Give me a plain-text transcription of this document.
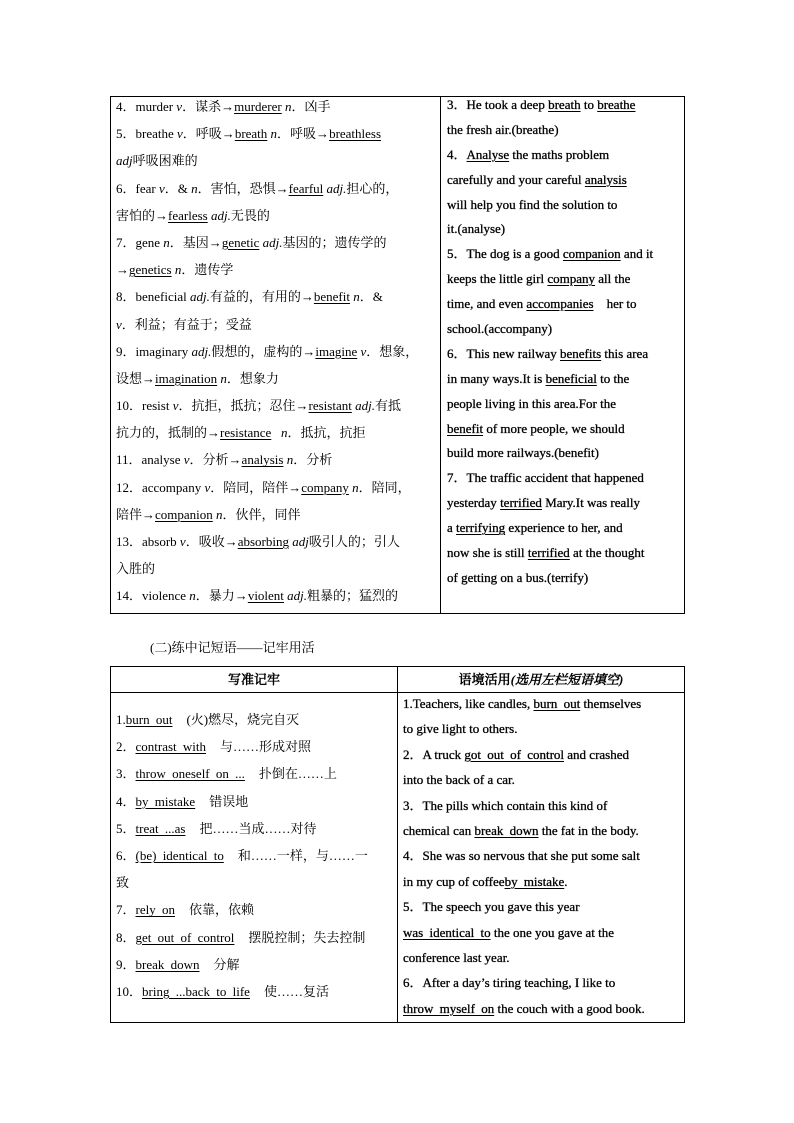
4．murder v．谋杀→murderer n．凶手
5．breathe v．呼吸→breath n．呼吸→breathless
adj呼吸困难的
6．fear v．& n．害怕，恐惧→fearful adj.担心的，
害怕的→fearless adj.无畏的
7．gene n．基因→genetic adj.基因的；遗传学的
→genetics n．遗传学
8．beneficial adj.有益的，有用的→benefit n．&
v．利益；有益于；受益
9．imaginary adj.假想的，虚构的→imagine v．想象，
设想→imagination n．想象力
10．resist v．抗拒，抵抗；忍住→resistant adj.有抵
抗力的，抵制的→resistance n．抵抗，抗拒
11．analyse v．分析→analysis n．分析
12．accompany v．陪同，陪伴→company n．陪同，
陪伴→companion n．伙伴，同伴
13．absorb v．吸收→absorbing adj吸引人的；引人
入胜的
14．violence n．暴力→violent adj.粗暴的；猛烈的
3．He took a deep breath to breathe
the fresh air.(breathe)
4．Analyse the maths problem
carefully and your careful analysis
will help you find the solution to
it.(analyse)
5．The dog is a good companion and it
keeps the little girl company all the
time, and even accompanies    her to
school.(accompany)
6．This new railway benefits this area
in many ways.It is beneficial to the
people living in this area.For the
benefit of more people, we should
build more railways.(benefit)
7．The traffic accident that happened
yesterday terrified Mary.It was really
a terrifying experience to her, and
now she is still terrified at the thought
of getting on a bus.(terrify)
(二)练中记短语——记牢用活
写准记牢	语境活用(选用左栏短语填空)
1.burn out (火)燃尽，烧完自灭
2．contrast with 与……形成对照
3．throw oneself on ... 扑倒在……上
4．by mistake 错误地
5．treat ...as 把……当成……对待
6．(be) identical to 和……一样，与……一
致
7．rely on 依靠，依赖
8．get out of control 摆脱控制；失去控制
9．break down 分解
10．bring ...back to life 使……复活
1.Teachers, like candles, burn out themselves
to give light to others.
2．A truck got out of control and crashed
into the back of a car.
3．The pills which contain this kind of
chemical can break down the fat in the body.
4．She was so nervous that she put some salt
in my cup of coffeeby mistake.
5．The speech you gave this year
was identical to the one you gave at the
conference last year.
6．After a day’s tiring teaching, I like to
throw myself on the couch with a good book.
